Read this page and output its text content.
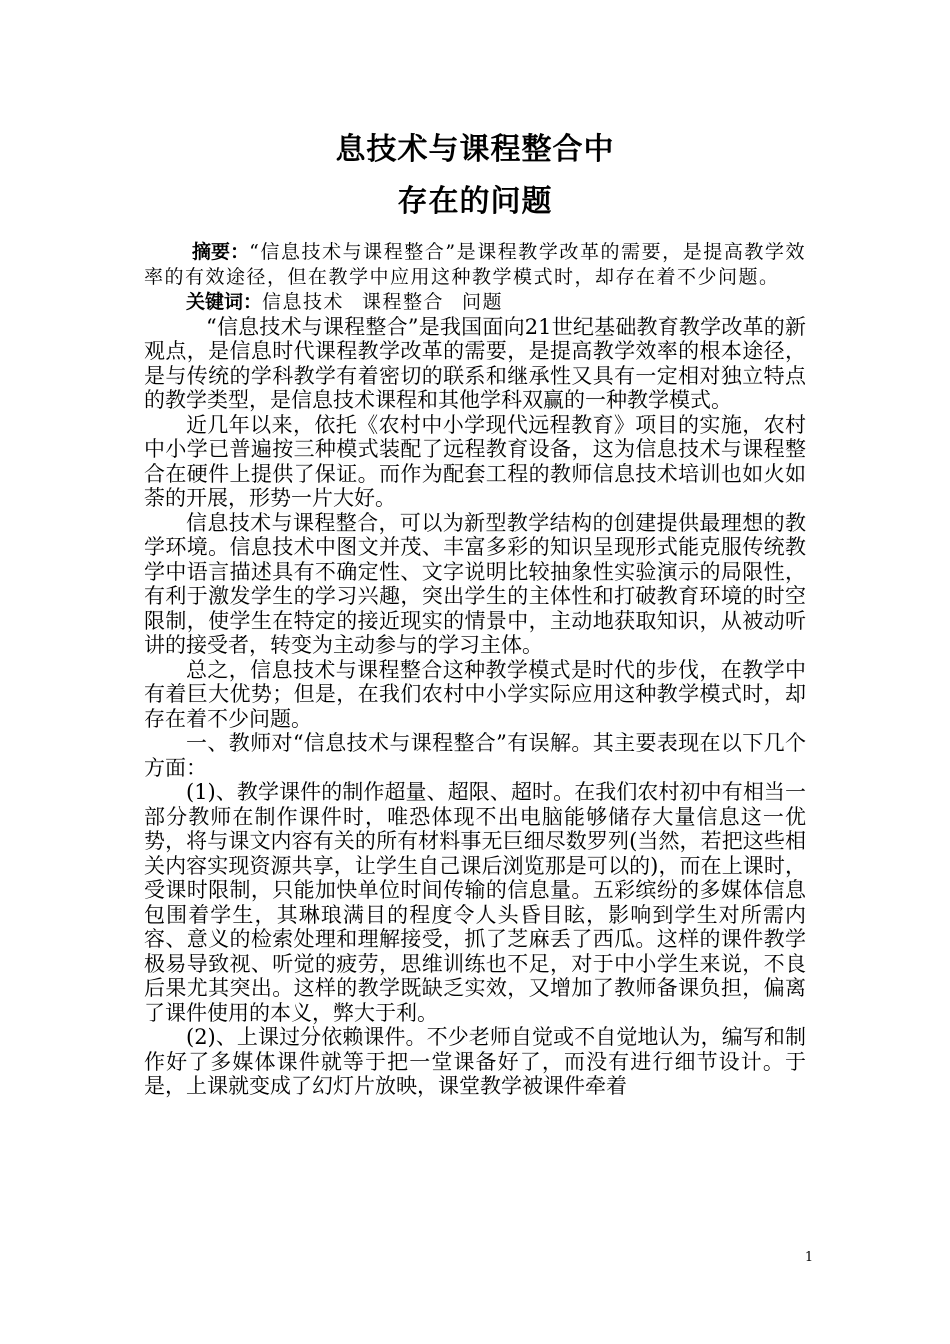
息技术与课程整合中
存在的问题

摘要：“信息技术与课程整合”是课程教学改革的需要，是提高教学效率的有效途径，但在教学中应用这种教学模式时，却存在着不少问题。

关键词：信息技术 课程整合 问题

“信息技术与课程整合”是我国面向21世纪基础教育教学改革的新观点，是信息时代课程教学改革的需要，是提高教学效率的根本途径，是与传统的学科教学有着密切的联系和继承性又具有一定相对独立特点的教学类型，是信息技术课程和其他学科双赢的一种教学模式。

近几年以来，依托《农村中小学现代远程教育》项目的实施，农村中小学已普遍按三种模式装配了远程教育设备，这为信息技术与课程整合在硬件上提供了保证。而作为配套工程的教师信息技术培训也如火如荼的开展，形势一片大好。

信息技术与课程整合，可以为新型教学结构的创建提供最理想的教学环境。信息技术中图文并茂、丰富多彩的知识呈现形式能克服传统教学中语言描述具有不确定性、文字说明比较抽象性实验演示的局限性，有利于激发学生的学习兴趣，突出学生的主体性和打破教育环境的时空限制，使学生在特定的接近现实的情景中，主动地获取知识，从被动听讲的接受者，转变为主动参与的学习主体。

总之，信息技术与课程整合这种教学模式是时代的步伐，在教学中有着巨大优势；但是，在我们农村中小学实际应用这种教学模式时，却存在着不少问题。

一、教师对“信息技术与课程整合”有误解。其主要表现在以下几个方面：

(1)、教学课件的制作超量、超限、超时。在我们农村初中有相当一部分教师在制作课件时，唯恐体现不出电脑能够储存大量信息这一优势，将与课文内容有关的所有材料事无巨细尽数罗列(当然，若把这些相关内容实现资源共享，让学生自己课后浏览那是可以的)，而在上课时，受课时限制，只能加快单位时间传输的信息量。五彩缤纷的多媒体信息包围着学生，其琳琅满目的程度令人头昏目眩，影响到学生对所需内容、意义的检索处理和理解接受，抓了芝麻丢了西瓜。这样的课件教学极易导致视、听觉的疲劳，思维训练也不足，对于中小学生来说，不良后果尤其突出。这样的教学既缺乏实效，又增加了教师备课负担，偏离了课件使用的本义，弊大于利。

(2)、上课过分依赖课件。不少老师自觉或不自觉地认为，编写和制作好了多媒体课件就等于把一堂课备好了，而没有进行细节设计。于是，上课就变成了幻灯片放映，课堂教学被课件牵着

1
